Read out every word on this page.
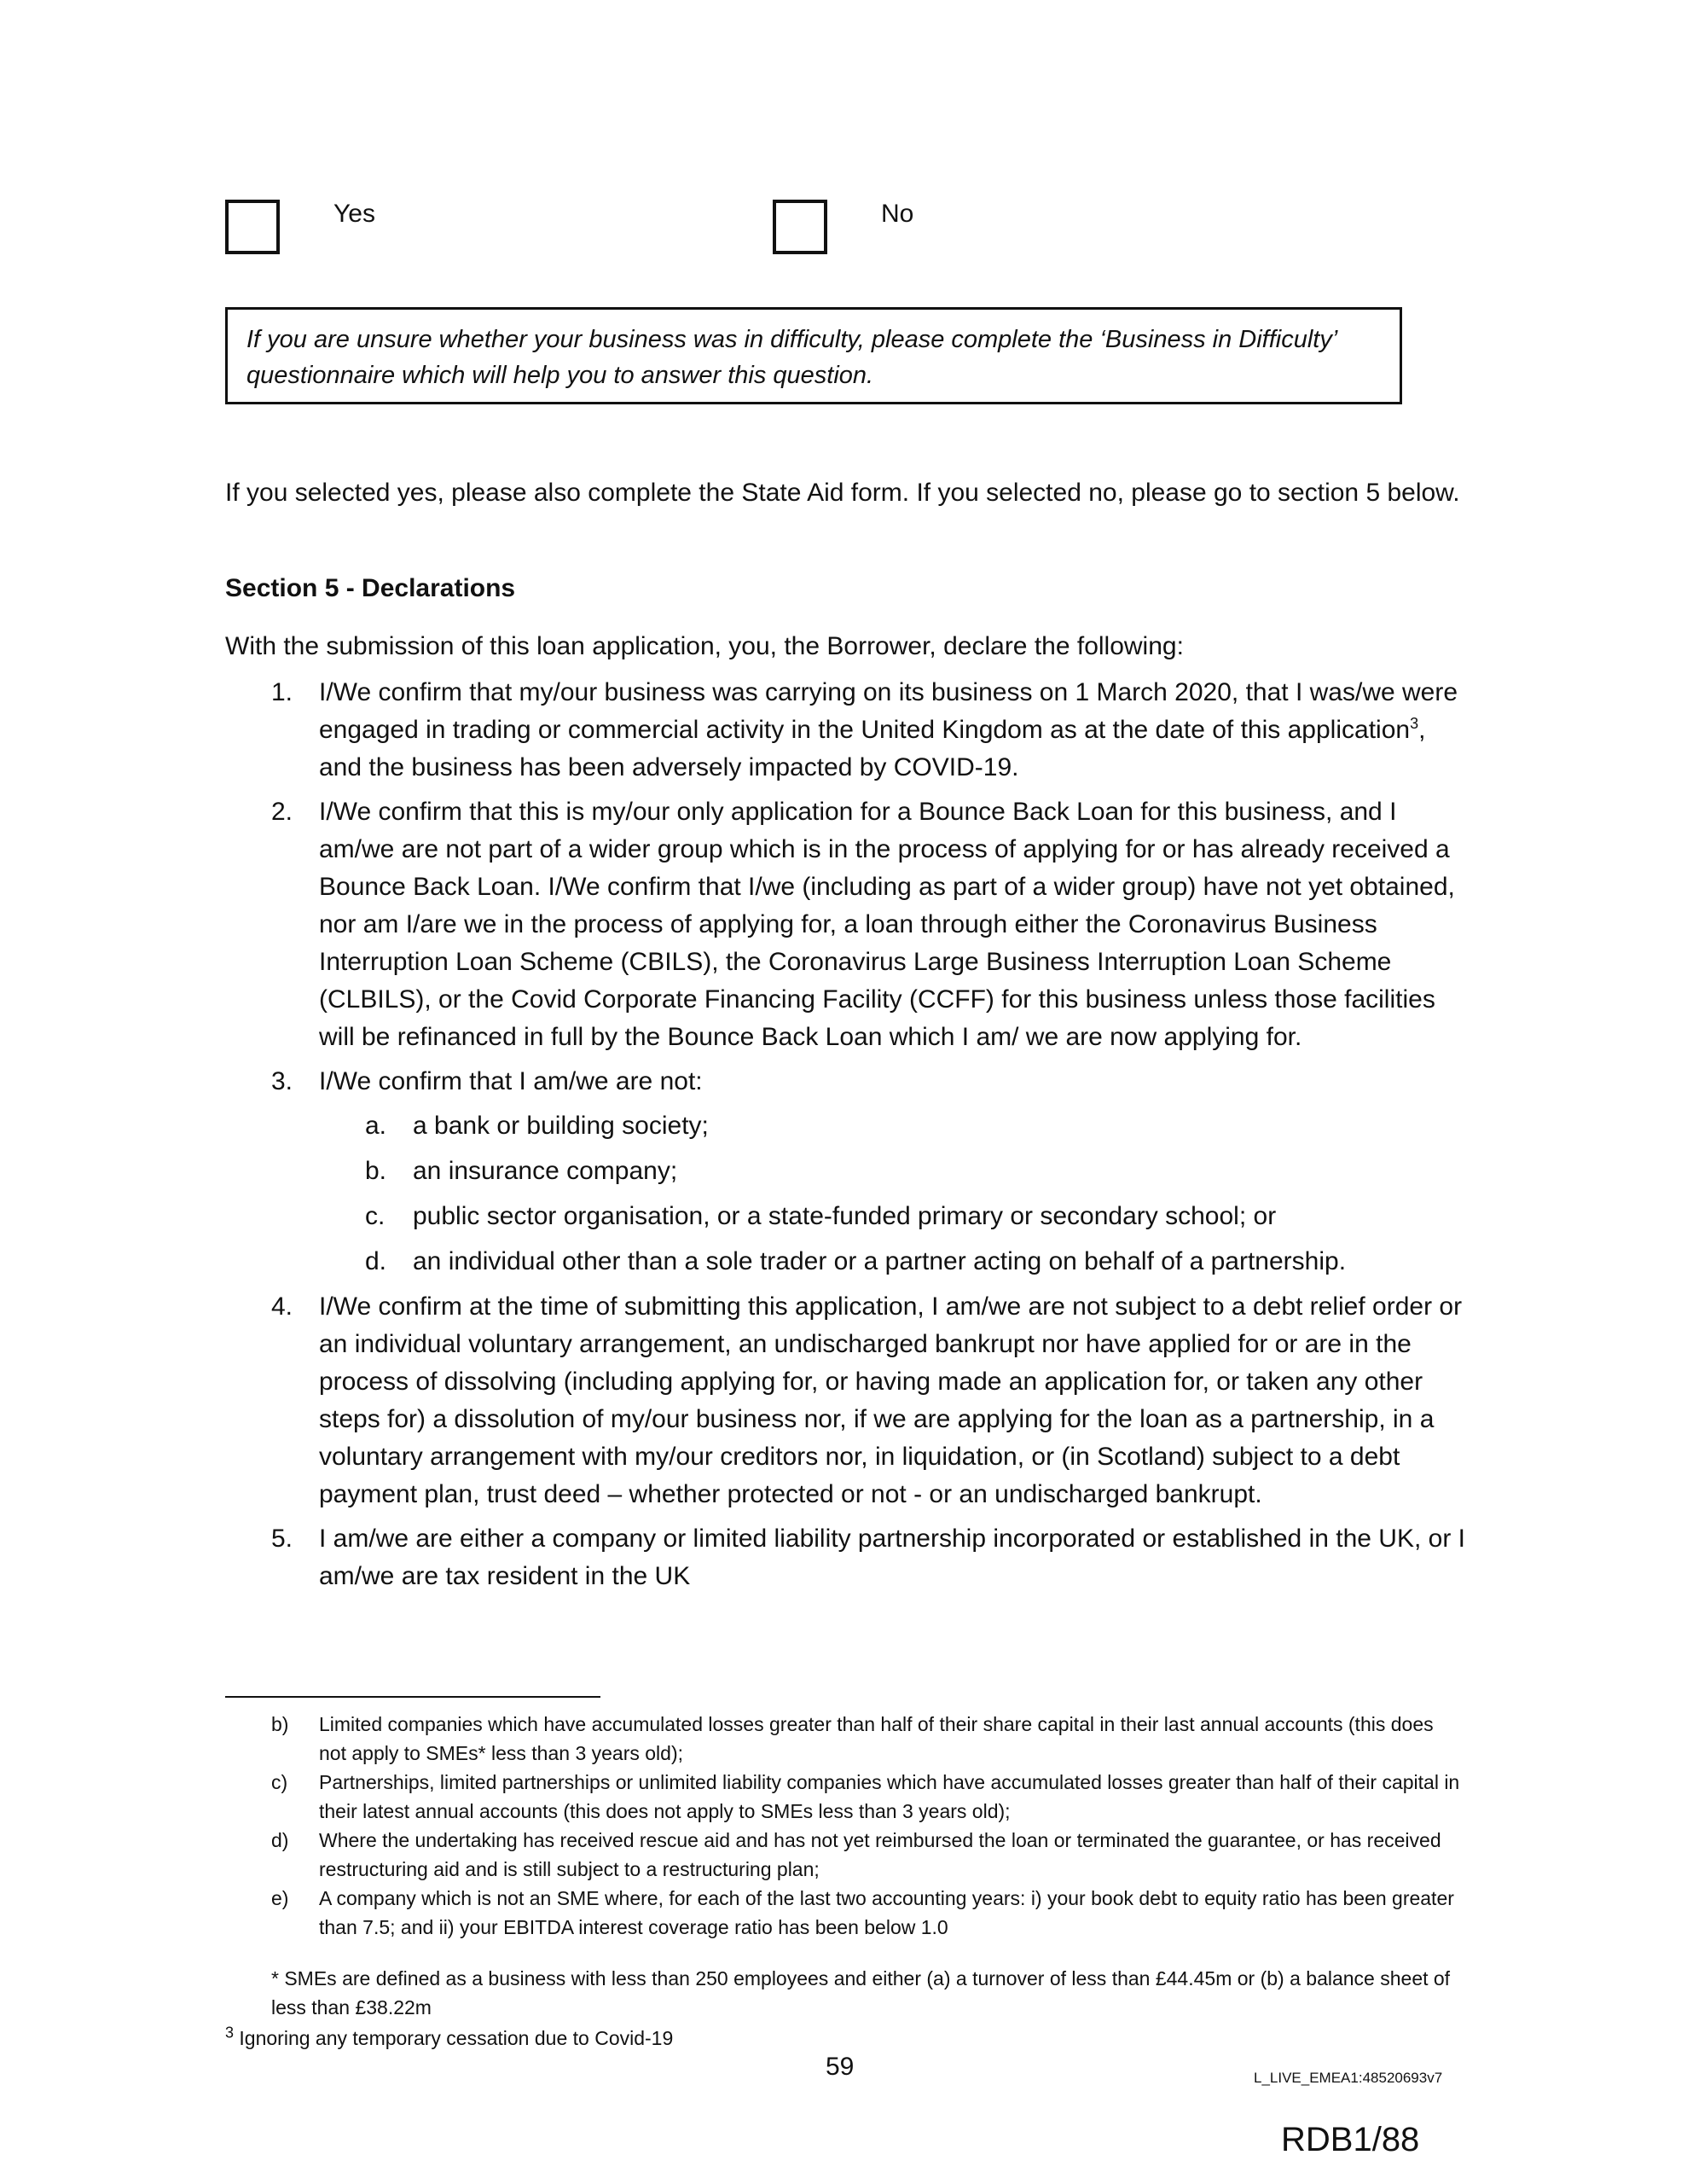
Yes	No
If you are unsure whether your business was in difficulty, please complete the ‘Business in Difficulty’ questionnaire which will help you to answer this question.
If you selected yes, please also complete the State Aid form. If you selected no, please go to section 5 below.
Section 5 - Declarations
With the submission of this loan application, you, the Borrower, declare the following:
1. I/We confirm that my/our business was carrying on its business on 1 March 2020, that I was/we were engaged in trading or commercial activity in the United Kingdom as at the date of this application$^3$, and the business has been adversely impacted by COVID-19.
2. I/We confirm that this is my/our only application for a Bounce Back Loan for this business, and I am/we are not part of a wider group which is in the process of applying for or has already received a Bounce Back Loan. I/We confirm that I/we (including as part of a wider group) have not yet obtained, nor am I/are we in the process of applying for, a loan through either the Coronavirus Business Interruption Loan Scheme (CBILS), the Coronavirus Large Business Interruption Loan Scheme (CLBILS), or the Covid Corporate Financing Facility (CCFF) for this business unless those facilities will be refinanced in full by the Bounce Back Loan which I am/ we are now applying for.
3. I/We confirm that I am/we are not:
a. a bank or building society;
b. an insurance company;
c. public sector organisation, or a state-funded primary or secondary school; or
d. an individual other than a sole trader or a partner acting on behalf of a partnership.
4. I/We confirm at the time of submitting this application, I am/we are not subject to a debt relief order or an individual voluntary arrangement, an undischarged bankrupt nor have applied for or are in the process of dissolving (including applying for, or having made an application for, or taken any other steps for) a dissolution of my/our business nor, if we are applying for the loan as a partnership, in a voluntary arrangement with my/our creditors nor, in liquidation, or (in Scotland) subject to a debt payment plan, trust deed – whether protected or not - or an undischarged bankrupt.
5. I am/we are either a company or limited liability partnership incorporated or established in the UK, or I am/we are tax resident in the UK
b) Limited companies which have accumulated losses greater than half of their share capital in their last annual accounts (this does not apply to SMEs* less than 3 years old);
c) Partnerships, limited partnerships or unlimited liability companies which have accumulated losses greater than half of their capital in their latest annual accounts (this does not apply to SMEs less than 3 years old);
d) Where the undertaking has received rescue aid and has not yet reimbursed the loan or terminated the guarantee, or has received restructuring aid and is still subject to a restructuring plan;
e) A company which is not an SME where, for each of the last two accounting years: i) your book debt to equity ratio has been greater than 7.5; and ii) your EBITDA interest coverage ratio has been below 1.0
* SMEs are defined as a business with less than 250 employees and either (a) a turnover of less than £44.45m or (b) a balance sheet of less than £38.22m
$^3$ Ignoring any temporary cessation due to Covid-19
59	L_LIVE_EMEA1:48520693v7
RDB1/88
